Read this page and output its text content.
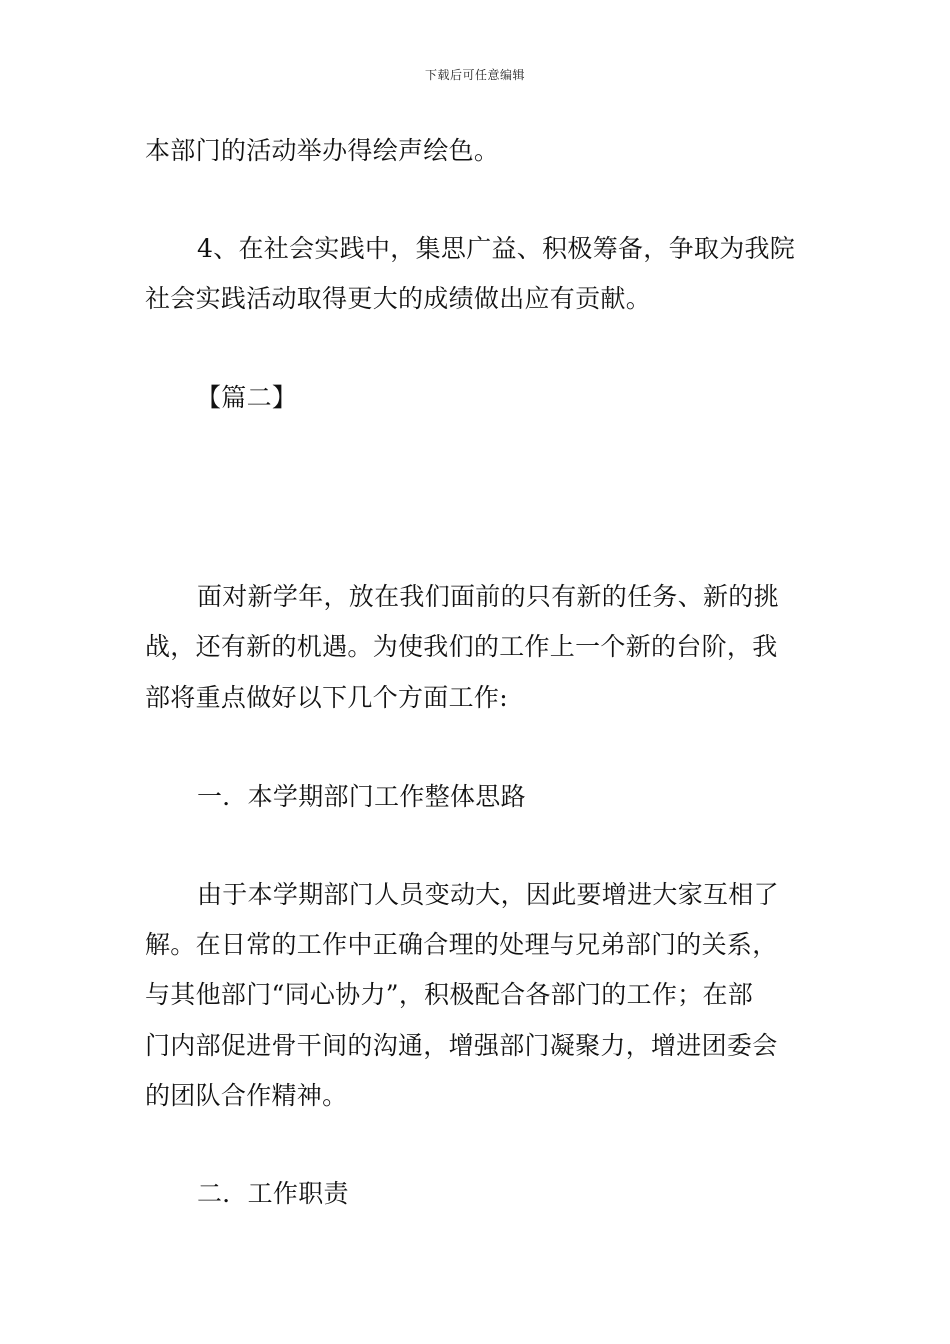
下载后可任意编辑
本部门的活动举办得绘声绘色。
4、在社会实践中，集思广益、积极筹备，争取为我院
社会实践活动取得更大的成绩做出应有贡献。
【篇二】
面对新学年，放在我们面前的只有新的任务、新的挑
战，还有新的机遇。为使我们的工作上一个新的台阶，我
部将重点做好以下几个方面工作:
一．本学期部门工作整体思路
由于本学期部门人员变动大，因此要增进大家互相了
解。在日常的工作中正确合理的处理与兄弟部门的关系，
与其他部门“同心协力”，积极配合各部门的工作；在部
门内部促进骨干间的沟通，增强部门凝聚力，增进团委会
的团队合作精神。
二．工作职责
